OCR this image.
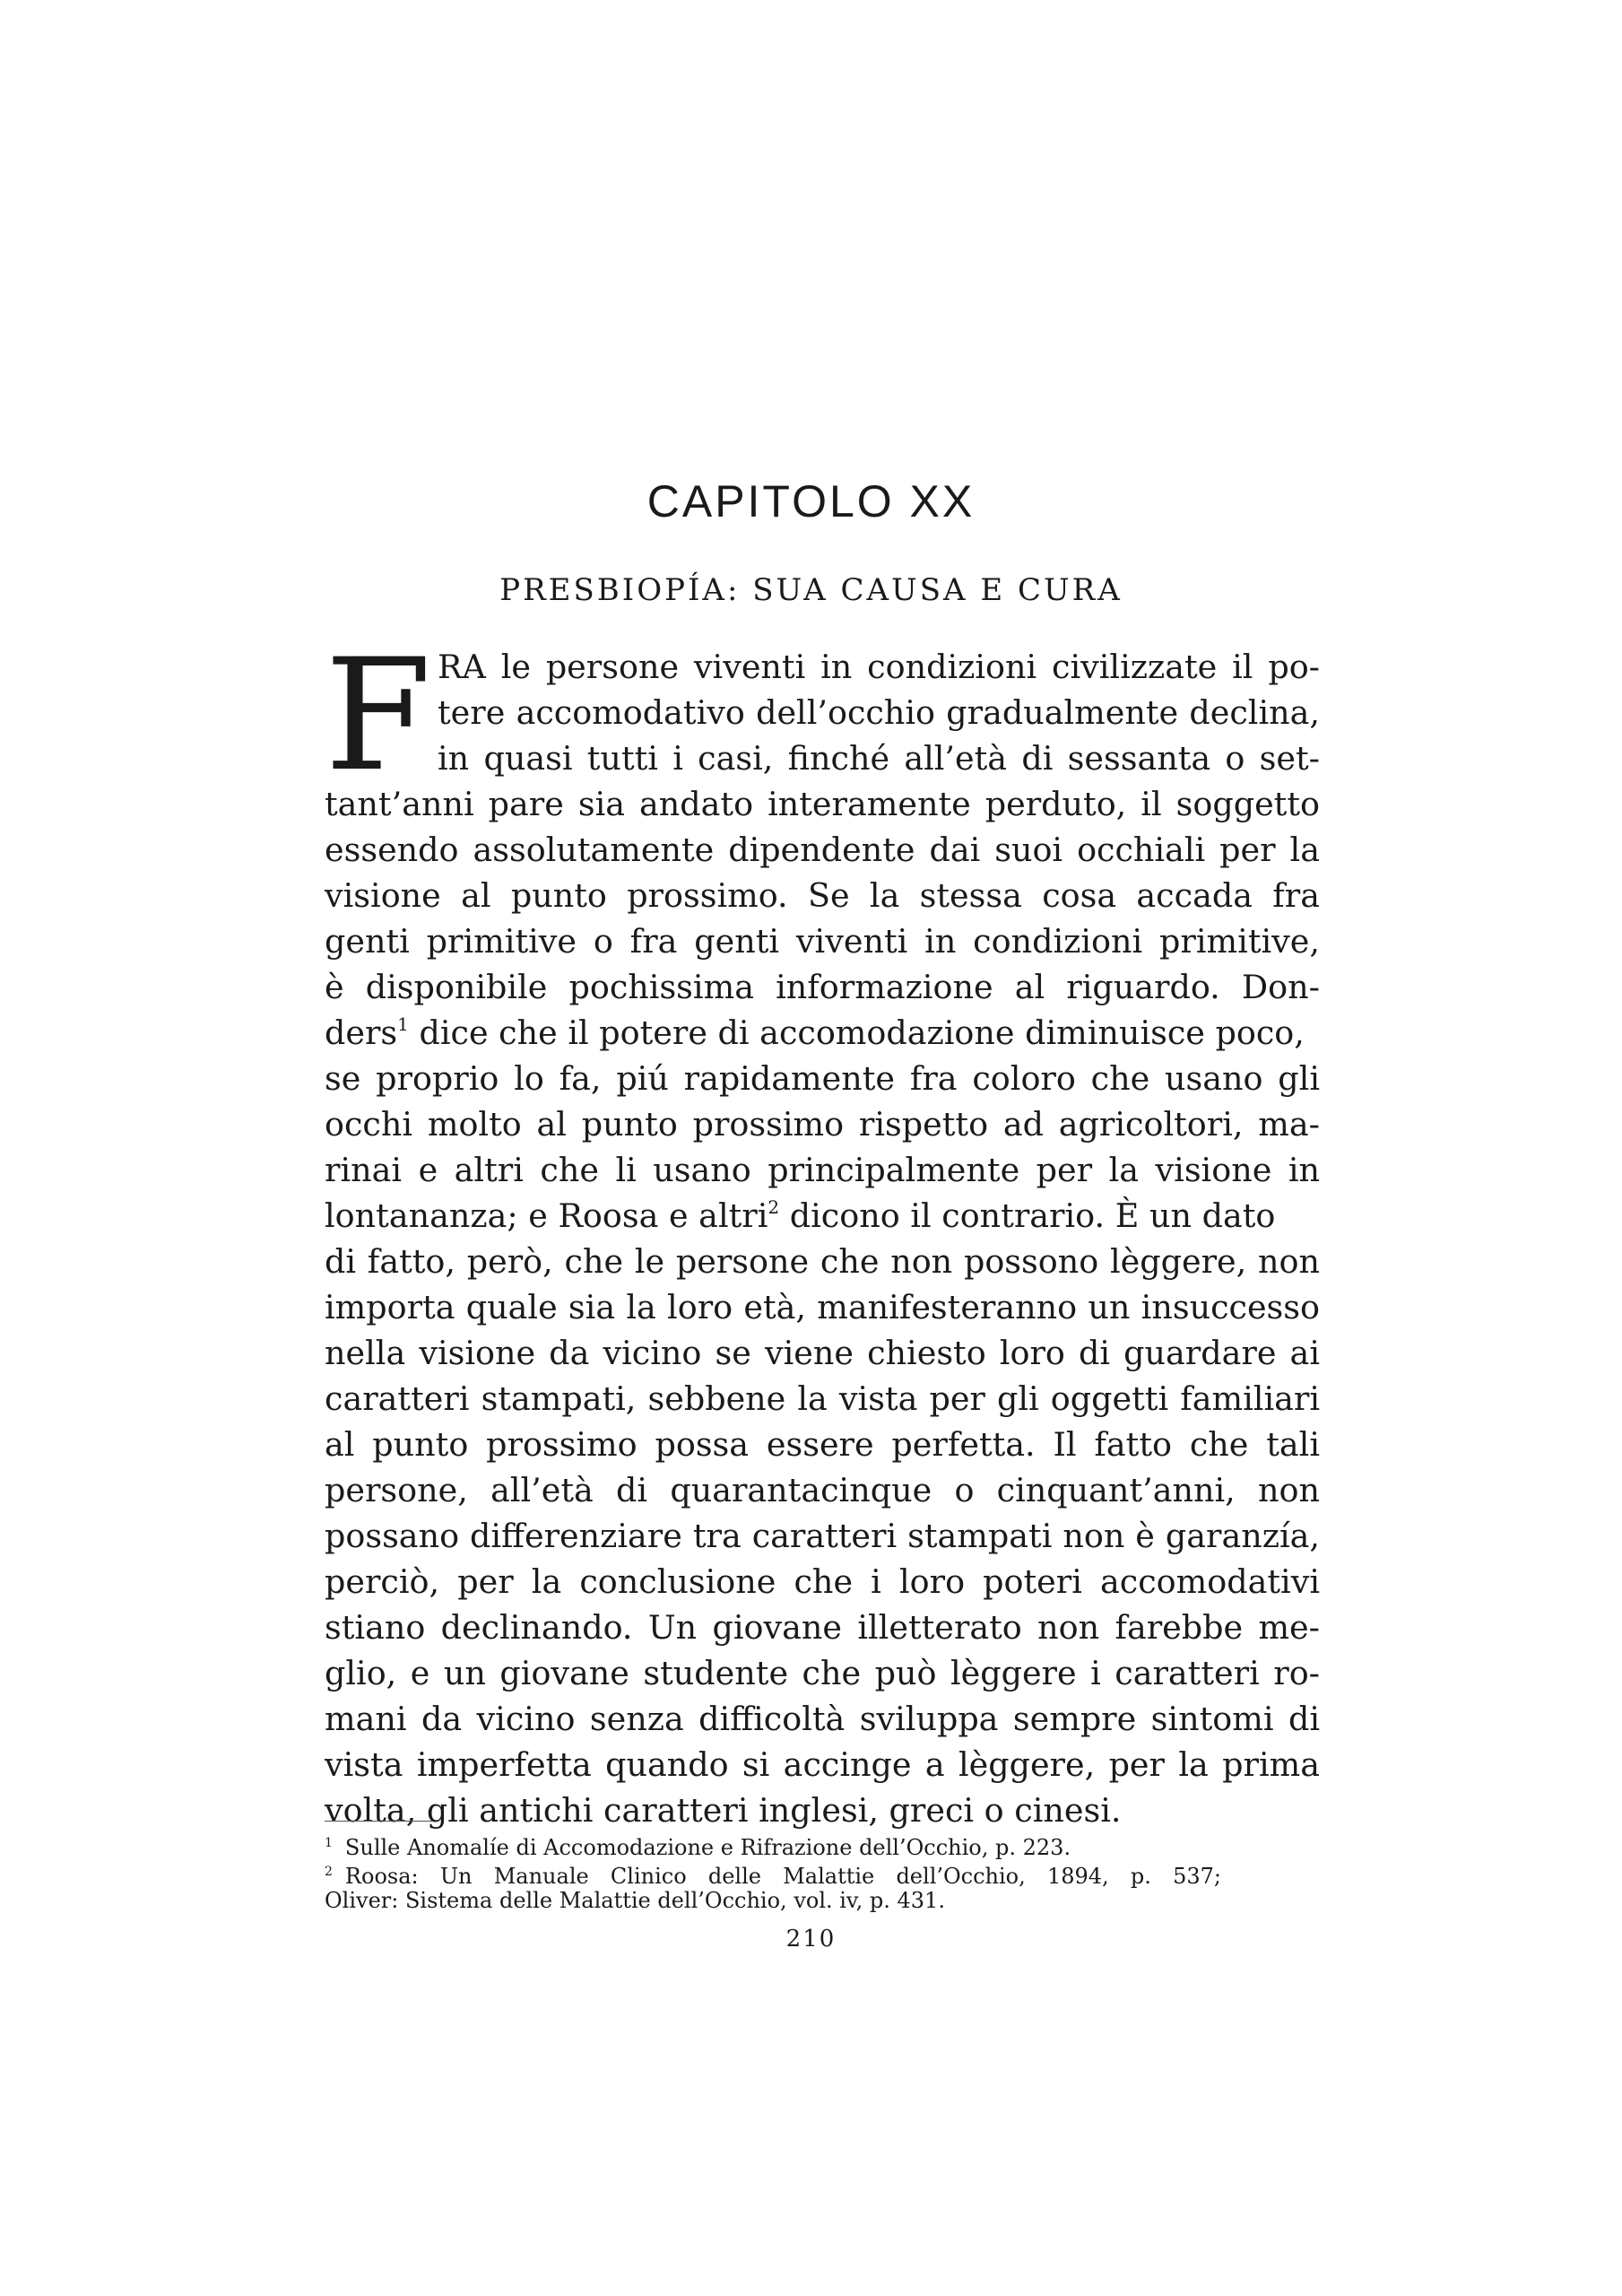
CAPITOLO XX
PRESBIOPÍA: SUA CAUSA E CURA
F RA le persone viventi in condizioni civilizzate il po-
tere accomodativo dell’occhio gradualmente declina,
in quasi tutti i casi, finché all’età di sessanta o set-
tant’anni pare sia andato interamente perduto, il soggetto
essendo assolutamente dipendente dai suoi occhiali per la
visione al punto prossimo. Se la stessa cosa accada fra
genti primitive o fra genti viventi in condizioni primitive,
è disponibile pochissima informazione al riguardo. Don-
ders$^1$ dice che il potere di accomodazione diminuisce poco,
se proprio lo fa, piú rapidamente fra coloro che usano gli
occhi molto al punto prossimo rispetto ad agricoltori, ma-
rinai e altri che li usano principalmente per la visione in
lontananza; e Roosa e altri$^2$ dicono il contrario. È un dato
di fatto, però, che le persone che non possono lèggere, non
importa quale sia la loro età, manifesteranno un insuccesso
nella visione da vicino se viene chiesto loro di guardare ai
caratteri stampati, sebbene la vista per gli oggetti familiari
al punto prossimo possa essere perfetta. Il fatto che tali
persone, all’età di quarantacinque o cinquant’anni, non
possano differenziare tra caratteri stampati non è garanzía,
perciò, per la conclusione che i loro poteri accomodativi
stiano declinando. Un giovane illetterato non farebbe me-
glio, e un giovane studente che può lèggere i caratteri ro-
mani da vicino senza difficoltà sviluppa sempre sintomi di
vista imperfetta quando si accinge a lèggere, per la prima
volta, gli antichi caratteri inglesi, greci o cinesi.
$^1$ Sulle Anomalíe di Accomodazione e Rifrazione dell’Occhio, p. 223.
$^2$ Roosa: Un Manuale Clinico delle Malattie dell’Occhio, 1894, p. 537;
Oliver: Sistema delle Malattie dell’Occhio, vol. iv, p. 431.
210
